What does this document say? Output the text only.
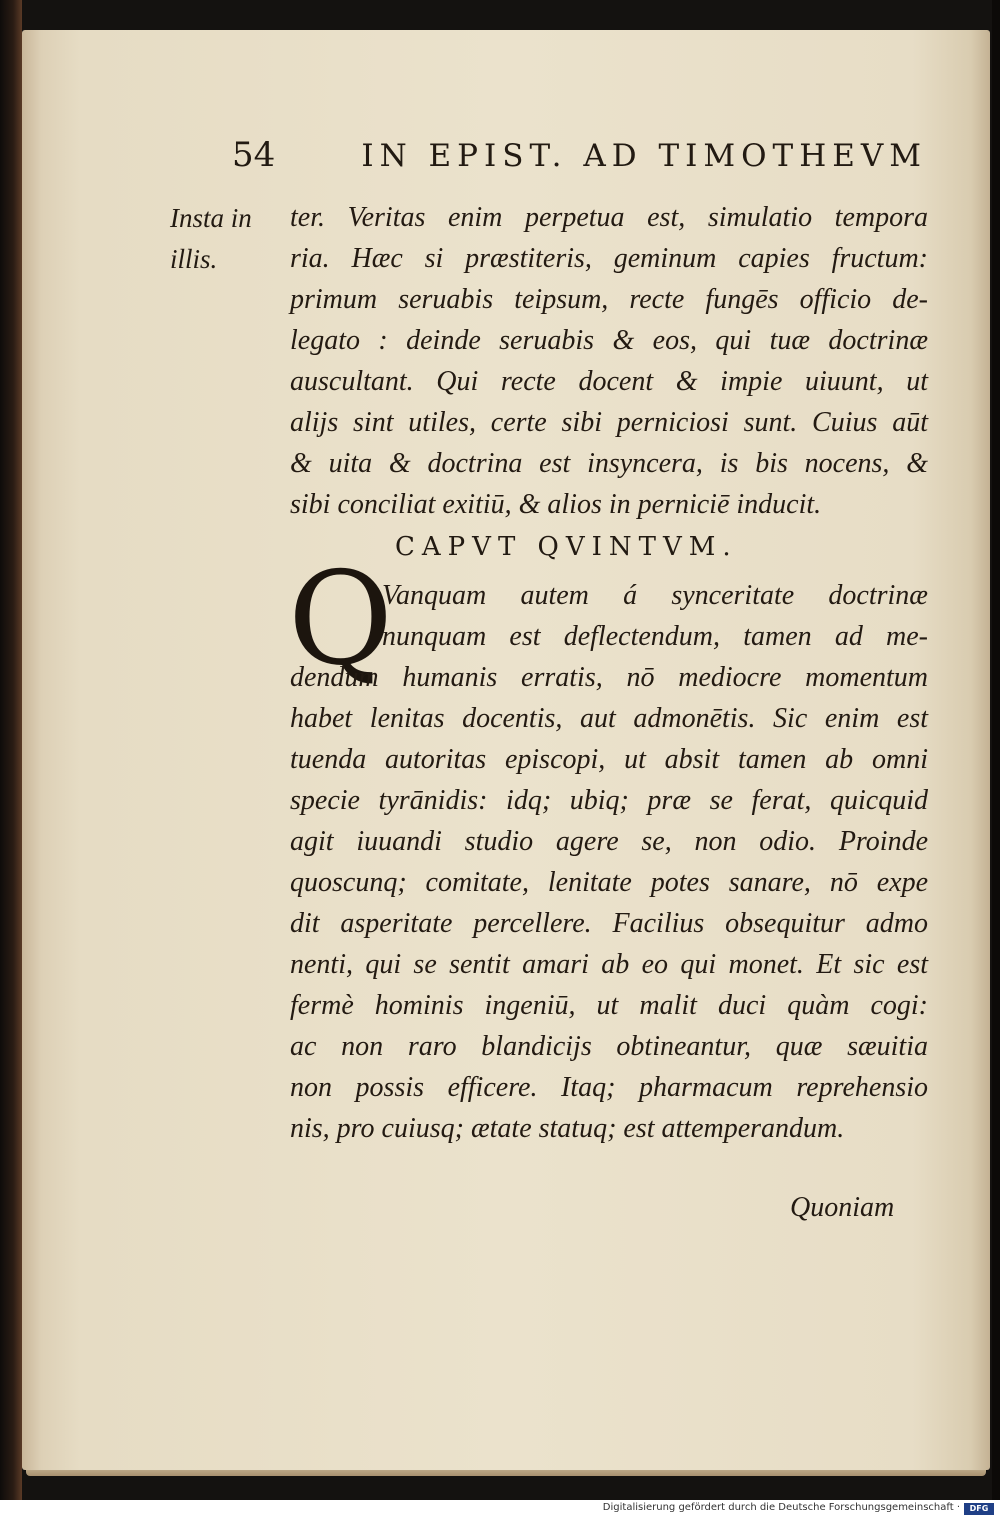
54	IN EPIST. AD TIMOTHEVM
Insta in
illis.
ter. Veritas enim perpetua est, simulatio tempora
ria. Hæc si præstiteris, geminum capies fructum:
primum seruabis teipsum, recte fungēs officio de-
legato : deinde seruabis & eos, qui tuæ doctrinæ
auscultant. Qui recte docent & impie uiuunt, ut
alijs sint utiles, certe sibi perniciosi sunt. Cuius aūt
& uita & doctrina est insyncera, is bis nocens, &
sibi conciliat exitiū, & alios in perniciē inducit.
CAPVT QVINTVM.
Q
Vanquam autem á synceritate doctrinæ
nunquam est deflectendum, tamen ad me-
dendum humanis erratis, nō mediocre momentum
habet lenitas docentis, aut admonētis. Sic enim est
tuenda autoritas episcopi, ut absit tamen ab omni
specie tyrānidis: idq; ubiq; præ se ferat, quicquid
agit iuuandi studio agere se, non odio. Proinde
quoscunq; comitate, lenitate potes sanare, nō expe
dit asperitate percellere. Facilius obsequitur admo
nenti, qui se sentit amari ab eo qui monet. Et sic est
fermè hominis ingeniū, ut malit duci quàm cogi:
ac non raro blandicijs obtineantur, quæ sæuitia
non possis efficere. Itaq; pharmacum reprehensio
nis, pro cuiusq; ætate statuq; est attemperandum.
Quoniam
Digitalisierung gefördert durch die Deutsche Forschungsgemeinschaft ·	DFG
